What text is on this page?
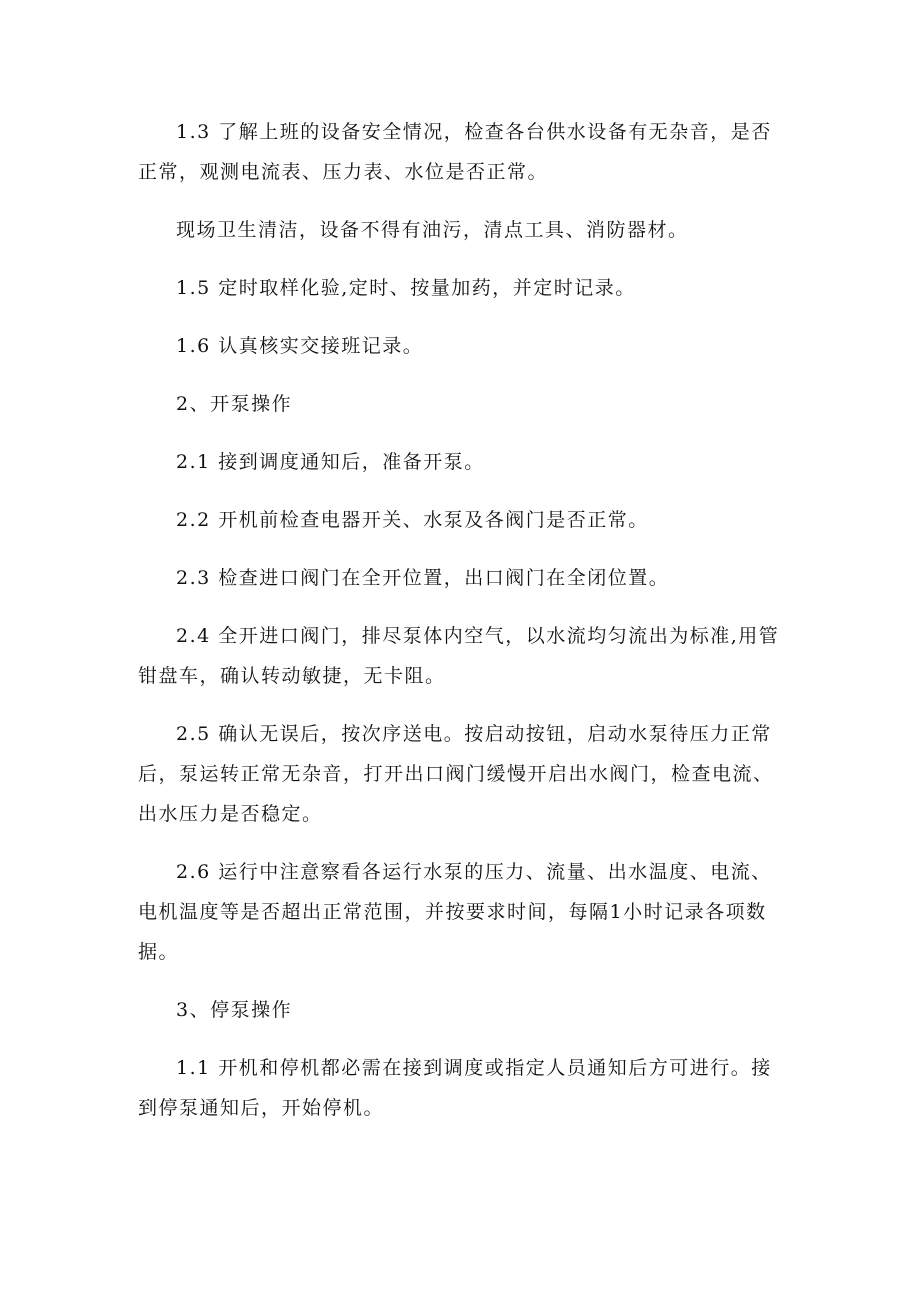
1.3 了解上班的设备安全情况，检查各台供水设备有无杂音，是否正常，观测电流表、压力表、水位是否正常。

现场卫生清洁，设备不得有油污，清点工具、消防器材。

1.5 定时取样化验,定时、按量加药，并定时记录。

1.6 认真核实交接班记录。

2、开泵操作

2.1 接到调度通知后，准备开泵。

2.2 开机前检查电器开关、水泵及各阀门是否正常。

2.3 检查进口阀门在全开位置，出口阀门在全闭位置。

2.4 全开进口阀门，排尽泵体内空气，以水流均匀流出为标准,用管钳盘车，确认转动敏捷，无卡阻。

2.5 确认无误后，按次序送电。按启动按钮，启动水泵待压力正常后，泵运转正常无杂音，打开出口阀门缓慢开启出水阀门，检查电流、出水压力是否稳定。

2.6 运行中注意察看各运行水泵的压力、流量、出水温度、电流、电机温度等是否超出正常范围，并按要求时间，每隔1小时记录各项数据。

3、停泵操作

1.1 开机和停机都必需在接到调度或指定人员通知后方可进行。接到停泵通知后，开始停机。
